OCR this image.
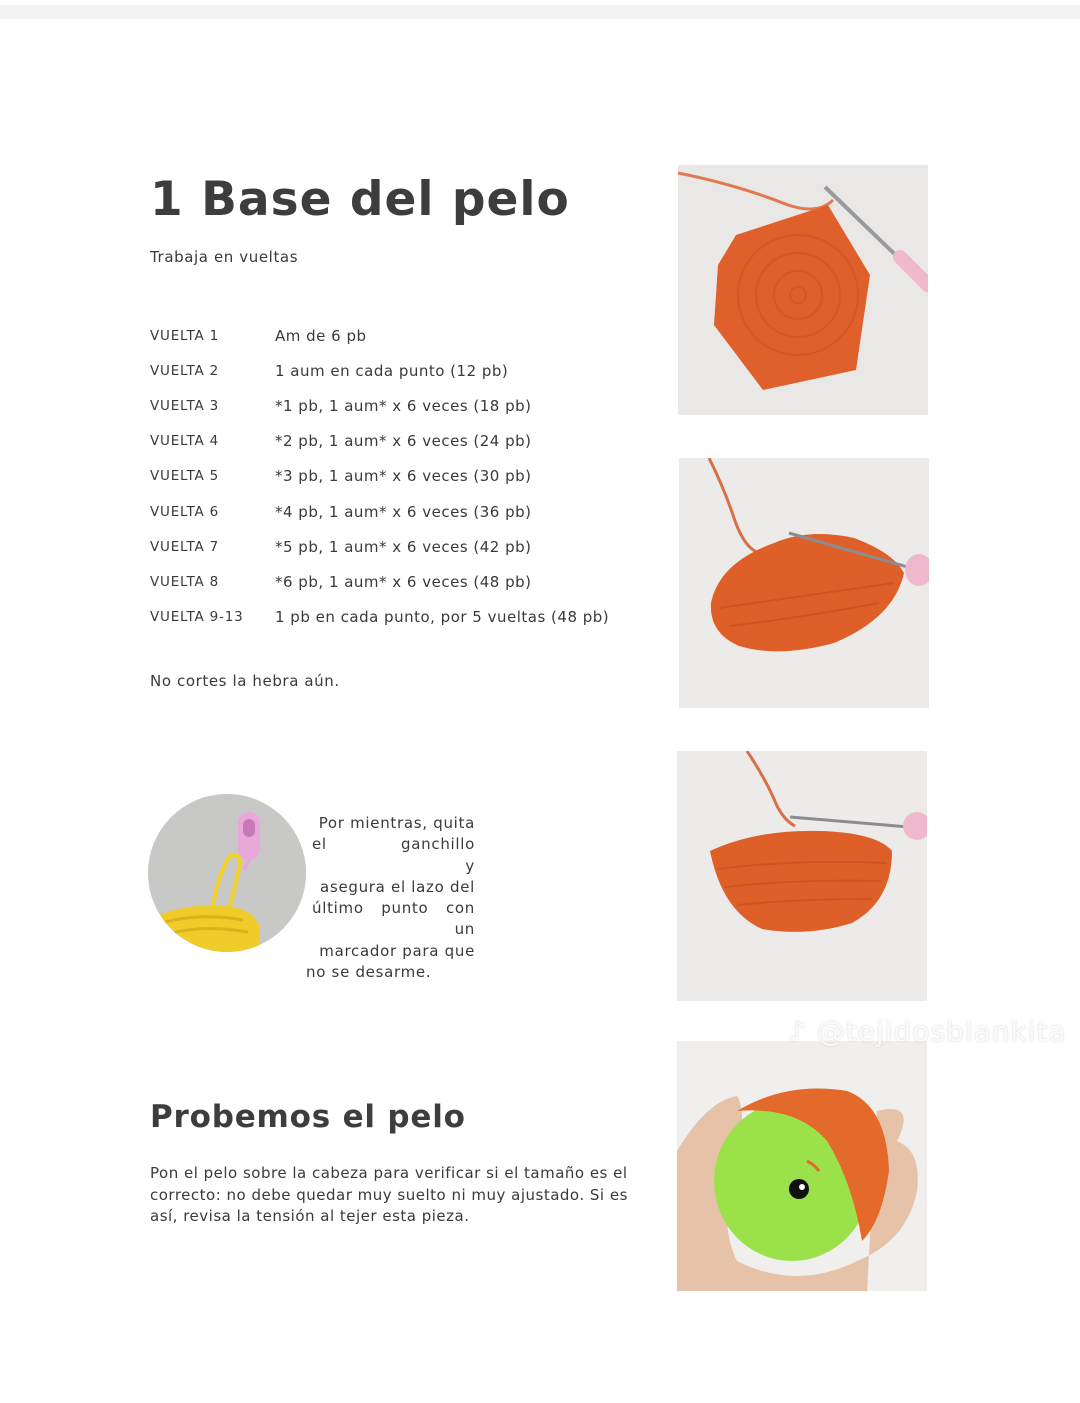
1 Base del pelo
Trabaja en vueltas
VUELTA 1	Am de 6 pb
VUELTA 2	1 aum en cada punto (12 pb)
VUELTA 3	*1 pb, 1 aum* x 6 veces (18 pb)
VUELTA 4	*2 pb, 1 aum* x 6 veces (24 pb)
VUELTA 5	*3 pb, 1 aum* x 6 veces (30 pb)
VUELTA 6	*4 pb, 1 aum* x 6 veces (36 pb)
VUELTA 7	*5 pb, 1 aum* x 6 veces (42 pb)
VUELTA 8	*6 pb, 1 aum* x 6 veces (48 pb)
VUELTA 9-13	1 pb en cada punto, por 5 vueltas (48 pb)
No cortes la hebra aún.
Por mientras, quita
el ganchillo y
asegura el lazo del
último punto con un
marcador para que
no se desarme.
Probemos el pelo
Pon el pelo sobre la cabeza para verificar si el tamaño es el correcto: no debe quedar muy suelto ni muy ajustado. Si es así, revisa la tensión al tejer esta pieza.
♪ @tejidosblankita
